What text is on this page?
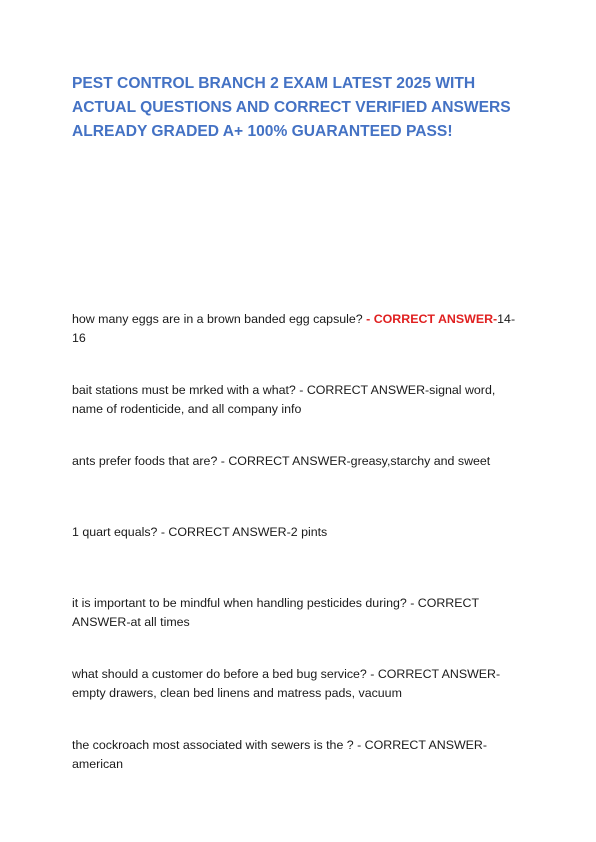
PEST CONTROL BRANCH 2 EXAM LATEST 2025 WITH ACTUAL QUESTIONS AND CORRECT VERIFIED ANSWERS ALREADY GRADED A+ 100% GUARANTEED PASS!
how many eggs are in a brown banded egg capsule? - CORRECT ANSWER-14-16
bait stations must be mrked with a what? - CORRECT ANSWER-signal word, name of rodenticide, and all company info
ants prefer foods that are? - CORRECT ANSWER-greasy,starchy and sweet
1 quart equals? - CORRECT ANSWER-2 pints
it is important to be mindful when handling pesticides during? - CORRECT ANSWER-at all times
what should a customer do before a bed bug service? - CORRECT ANSWER-empty drawers, clean bed linens and matress pads, vacuum
the cockroach most associated with sewers is the ? - CORRECT ANSWER-american
